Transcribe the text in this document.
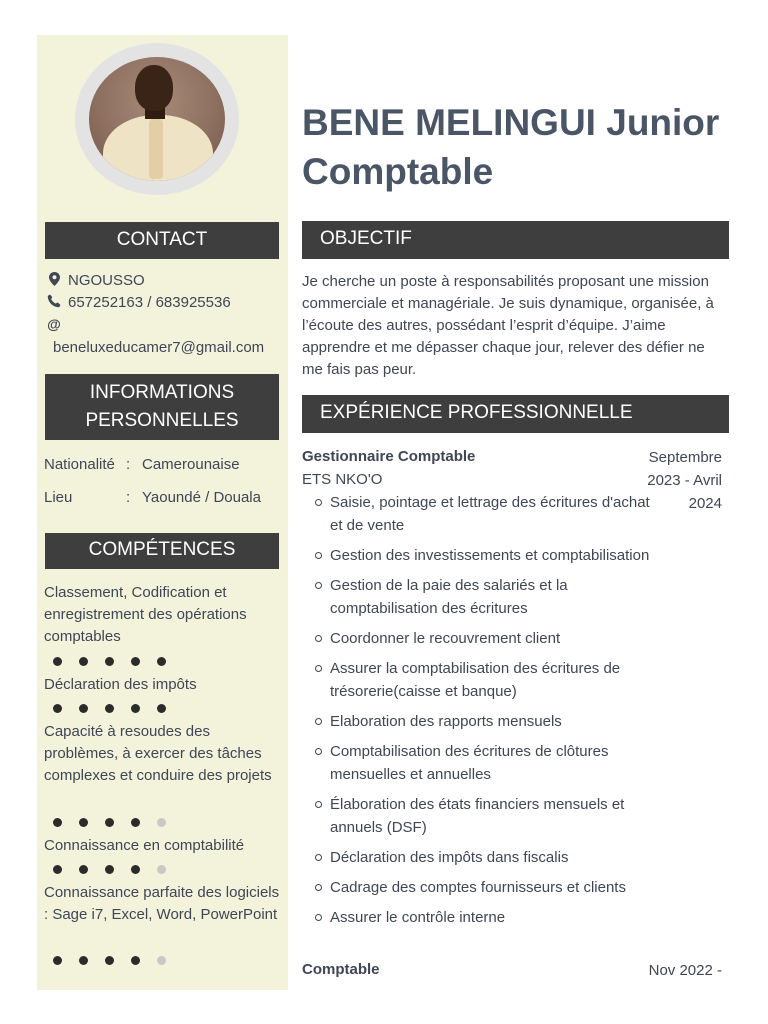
CONTACT
NGOUSSO
657252163 / 683925536
@
beneluxeducamer7@gmail.com
INFORMATIONS
PERSONNELLES
Nationalité : Camerounaise
Lieu	: Yaoundé / Douala
COMPÉTENCES
Classement, Codification et enregistrement des opérations comptables
Déclaration des impôts
Capacité à resoudes des problèmes, à exercer des tâches complexes et conduire des projets
Connaissance en comptabilité
Connaissance parfaite des logiciels : Sage i7, Excel, Word, PowerPoint
BENE MELINGUI Junior
Comptable
OBJECTIF
Je cherche un poste à responsabilités proposant une mission commerciale et managériale. Je suis dynamique, organisée, à l’écoute des autres, possédant l’esprit d’équipe. J’aime apprendre et me dépasser chaque jour, relever des défier ne me fais pas peur.
EXPÉRIENCE PROFESSIONNELLE
Gestionnaire Comptable
ETS NKO'O
Septembre
2023 - Avril
2024
Saisie, pointage et lettrage des écritures d'achat et de vente
Gestion des investissements et comptabilisation
Gestion de la paie des salariés et la comptabilisation des écritures
Coordonner le recouvrement client
Assurer la comptabilisation des écritures de trésorerie(caisse et banque)
Elaboration des rapports mensuels
Comptabilisation des écritures de clôtures mensuelles et annuelles
Élaboration des états financiers mensuels et annuels (DSF)
Déclaration des impôts dans fiscalis
Cadrage des comptes fournisseurs et clients
Assurer le contrôle interne
Comptable	Nov 2022 -
